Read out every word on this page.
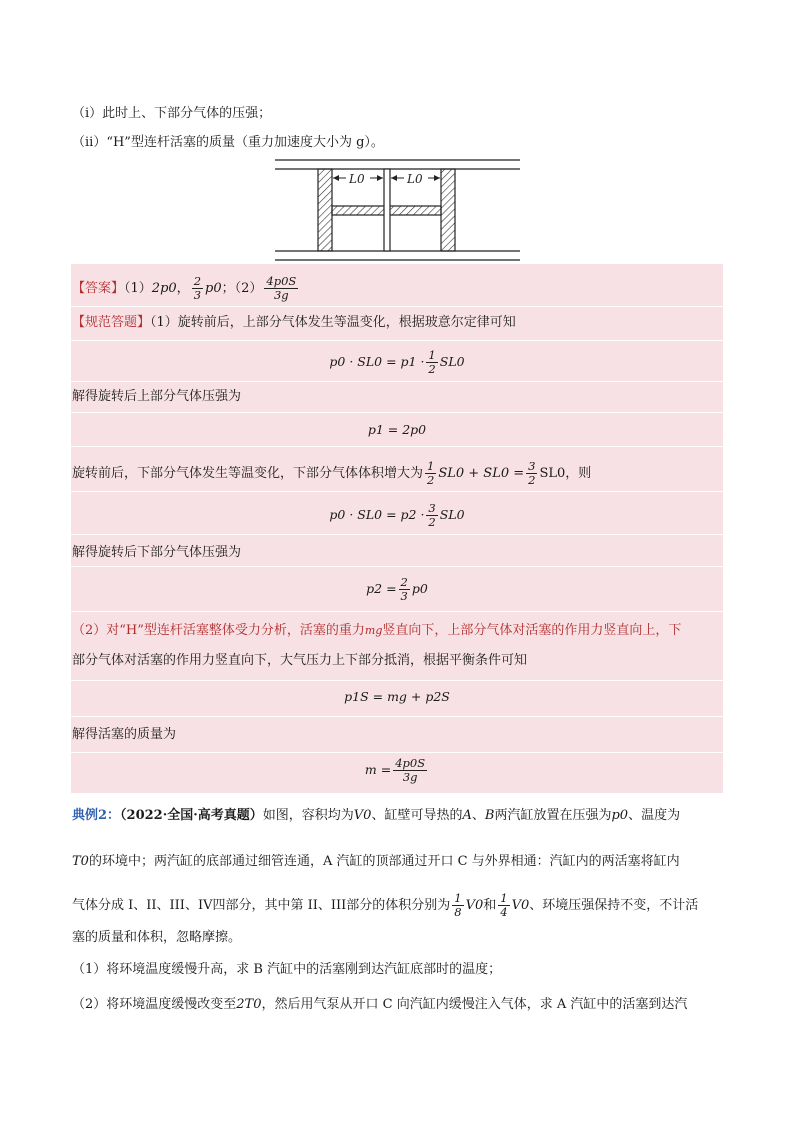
（i）此时上、下部分气体的压强；
（ii）“H”型连杆活塞的质量（重力加速度大小为 g）。
L0	L0
【答案】（1）2p0， $\frac{2}{3} p0$；$(2) \frac{4p0S}{3g}$
【规范答题】（1）旋转前后，上部分气体发生等温变化，根据玻意尔定律可知
$p0 \cdot SL0 = p1 \cdot \frac{1}{2} SL0$
解得旋转后上部分气体压强为
p1 = 2p0
旋转前后，下部分气体发生等温变化，下部分气体体积增大为 $\frac{1}{2} SL0 + SL0 = \frac{3}{2} SL0$，则
$p0 \cdot SL0 = p2 \cdot \frac{3}{2} SL0$
解得旋转后下部分气体压强为
$p2 = \frac{2}{3} p0$
（2）对“H”型连杆活塞整体受力分析，活塞的重力mg竖直向下，上部分气体对活塞的作用力竖直向上，下
部分气体对活塞的作用力竖直向下，大气压力上下部分抵消，根据平衡条件可知
p1S = mg + p2S
解得活塞的质量为
$m = \frac{4p0S}{3g}$
典例2：（2022·全国·高考真题）如图，容积均为V0、缸壁可导热的A、B两汽缸放置在压强为p0、温度为
T0的环境中；两汽缸的底部通过细管连通，A 汽缸的顶部通过开口 C 与外界相通：汽缸内的两活塞将缸内
气体分成 I、II、III、IV四部分，其中第 II、III部分的体积分别为 $\frac{1}{8} V0$和 $\frac{1}{4} V0$、环境压强保持不变，不计活
塞的质量和体积，忽略摩擦。
（1）将环境温度缓慢升高，求 B 汽缸中的活塞刚到达汽缸底部时的温度；
（2）将环境温度缓慢改变至2T0，然后用气泵从开口 C 向汽缸内缓慢注入气体，求 A 汽缸中的活塞到达汽
